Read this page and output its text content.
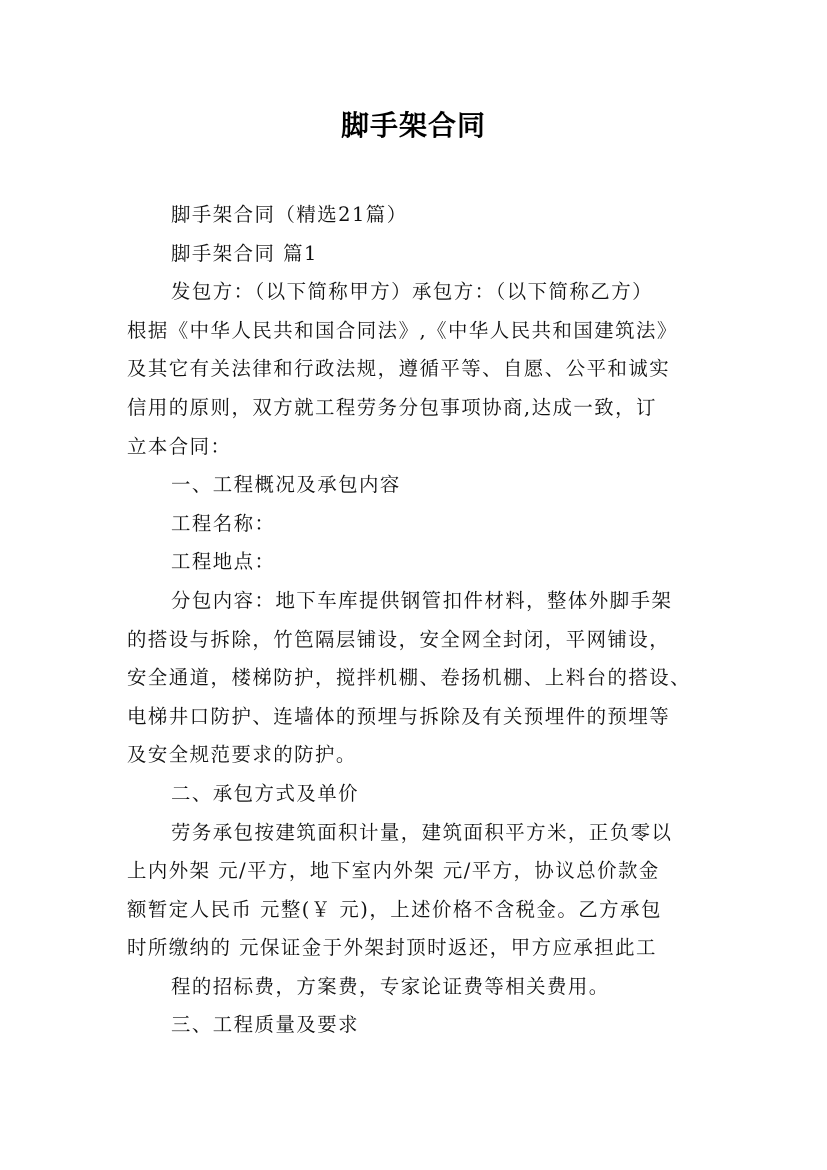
脚手架合同

脚手架合同（精选21篇）

脚手架合同 篇1

发包方：（以下简称甲方）承包方：（以下简称乙方）

根据《中华人民共和国合同法》,《中华人民共和国建筑法》

及其它有关法律和行政法规，遵循平等、自愿、公平和诚实

信用的原则，双方就工程劳务分包事项协商,达成一致，订

立本合同：

一、工程概况及承包内容

工程名称：

工程地点：

分包内容：地下车库提供钢管扣件材料，整体外脚手架

的搭设与拆除，竹笆隔层铺设，安全网全封闭，平网铺设，

安全通道，楼梯防护，搅拌机棚、卷扬机棚、上料台的搭设、

电梯井口防护、连墙体的预埋与拆除及有关预埋件的预埋等

及安全规范要求的防护。

二、承包方式及单价

劳务承包按建筑面积计量，建筑面积平方米，正负零以

上内外架 元/平方，地下室内外架 元/平方，协议总价款金

额暂定人民币 元整(￥ 元)，上述价格不含税金。乙方承包

时所缴纳的 元保证金于外架封顶时返还，甲方应承担此工

程的招标费，方案费，专家论证费等相关费用。

三、工程质量及要求
